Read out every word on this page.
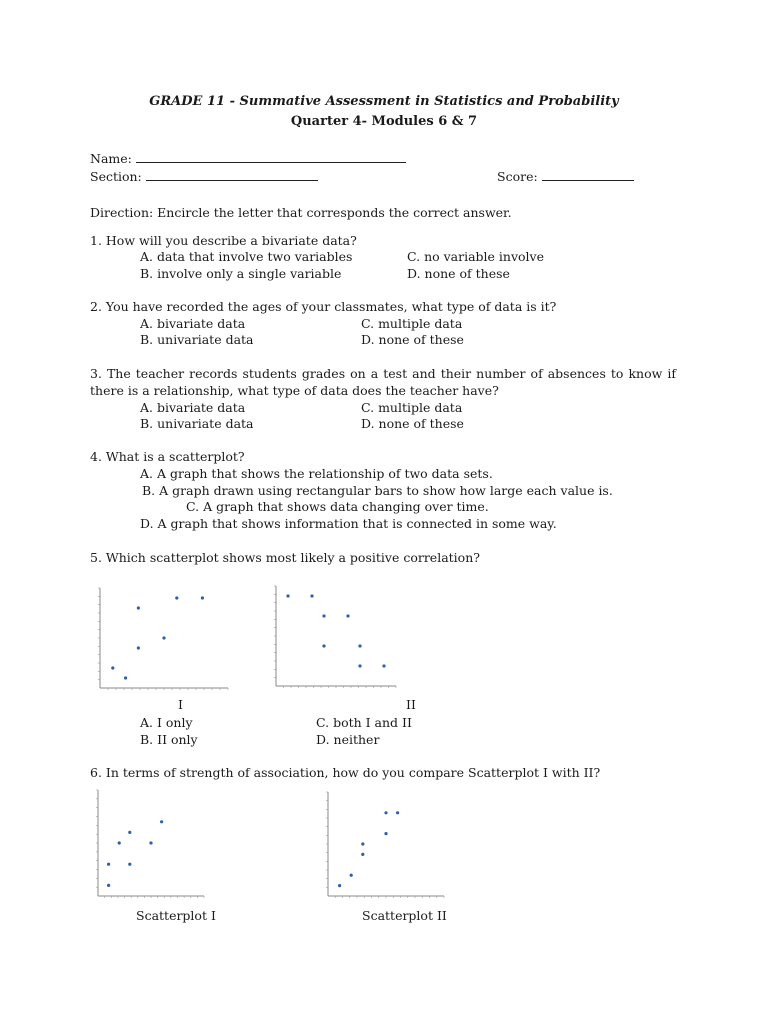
GRADE 11 - Summative Assessment in Statistics and Probability
Quarter 4- Modules 6 & 7
Name:
Section:	Score:
Direction: Encircle the letter that corresponds the correct answer.
1. How will you describe a bivariate data?
A. data that involve two variables	C. no variable involve
B. involve only a single variable	D. none of these
2. You have recorded the ages of your classmates, what type of data is it?
A. bivariate data	C. multiple data
B. univariate data	D. none of these
3. The teacher records students grades on a test and their number of absences to know if there is a relationship, what type of data does the teacher have?
A. bivariate data	C. multiple data
B. univariate data	D. none of these
4. What is a scatterplot?
A. A graph that shows the relationship of two data sets.
B. A graph drawn using rectangular bars to show how large each value is.
C. A graph that shows data changing over time.
D. A graph that shows information that is connected in some way.
5. Which scatterplot shows most likely a positive correlation?
I	II
A. I only	C. both I and II
B. II only	D. neither
6. In terms of strength of association, how do you compare Scatterplot I with II?
Scatterplot I	Scatterplot II
